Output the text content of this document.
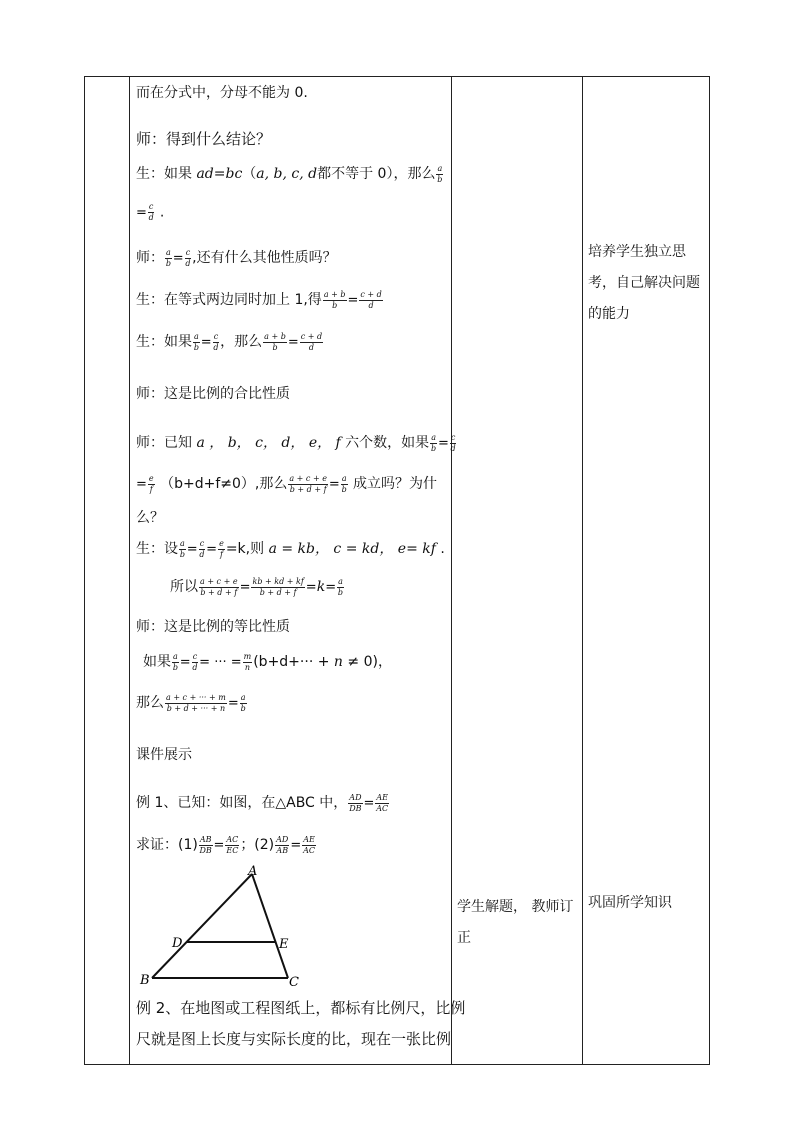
培养学生独立思考，自己解决问题的能力
学生解题， 教师订正
巩固所学知识
而在分式中，分母不能为 0.
师：得到什么结论？
生：如果 ad=bc（a, b, c, d都不等于 0），那么 $\frac{a}{b}$
= $\frac{c}{d}$ .
师： $\frac{a}{b} = \frac{c}{d}$ ,还有什么其他性质吗？
生：在等式两边同时加上 1,得 $\frac{a + b}{b} = \frac{c + d}{d}$
生：如果 $\frac{a}{b} = \frac{c}{d}$ ，那么 $\frac{a + b}{b} = \frac{c + d}{d}$
师：这是比例的合比性质
师：已知 a ， b， c， d， e， f 六个数，如果 $\frac{a}{b} = \frac{c}{d}$
= $\frac{e}{f} (b+d+f\ne 0)$,那么 $\frac{a + c + e}{b + d + f} = \frac{a}{b}$ 成立吗？为什
么？
生：设 $\frac{a}{b} = \frac{c}{d} = \frac{e}{f} =k$,则 a = kb， c = kd， e= kf .
所以 $\frac{a + c + e}{b + d + f} = \frac{kb + kd + kf}{b + d + f} =k= \frac{a}{b}$
师：这是比例的等比性质
如果 $\frac{a}{b} = \frac{c}{d}$ = ··· = $\frac{m}{n} (b+d+\cdot\cdot\cdot + n \ne 0)$，
那么 $\frac{a + c + \cdot\cdot\cdot + m}{b + d + \cdot\cdot\cdot + n} = \frac{a}{b}$
课件展示
例 1、已知：如图，在△ABC 中， $\frac{AD}{DB} = \frac{AE}{AC}$
求证：$(1) \frac{AB}{DB} = \frac{AC}{EC}$ ；$(2) \frac{AD}{AB} = \frac{AE}{AC}$
A
B	C
D	E
例 2、在地图或工程图纸上，都标有比例尺，比例
尺就是图上长度与实际长度的比，现在一张比例
